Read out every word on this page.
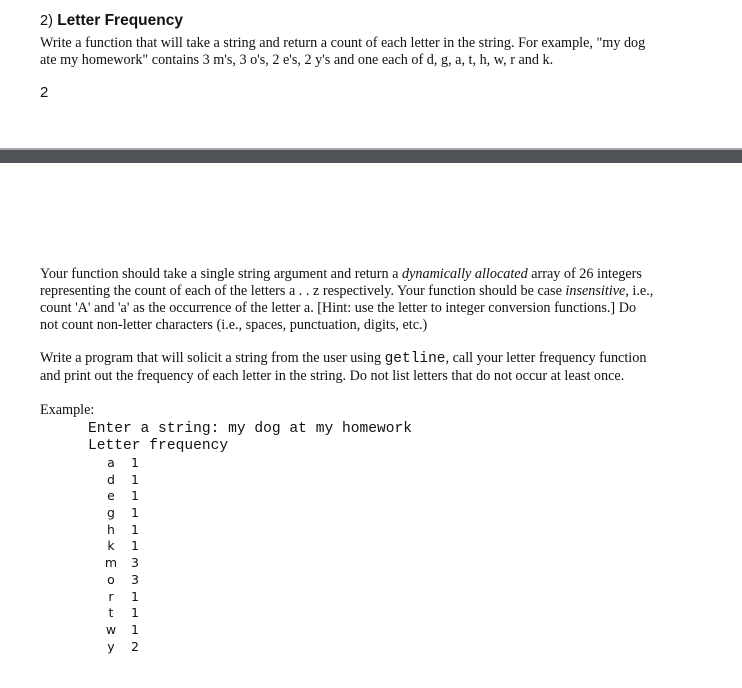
2) Letter Frequency
Write a function that will take a string and return a count of each letter in the string. For example, "my dog
ate my homework" contains 3 m's, 3 o's, 2 e's, 2 y's and one each of d, g, a, t, h, w, r and k.
2
Your function should take a single string argument and return a dynamically allocated array of 26 integers
representing the count of each of the letters a . . z respectively. Your function should be case insensitive, i.e.,
count 'A' and 'a' as the occurrence of the letter a. [Hint: use the letter to integer conversion functions.] Do
not count non-letter characters (i.e., spaces, punctuation, digits, etc.)
Write a program that will solicit a string from the user using getline, call your letter frequency function
and print out the frequency of each letter in the string. Do not list letters that do not occur at least once.
Example:
Enter a string: my dog at my homework
Letter frequency
a 1
d 1
e 1
g 1
h 1
k 1
m 3
o 3
r	1
t	1
w 1
y 2
